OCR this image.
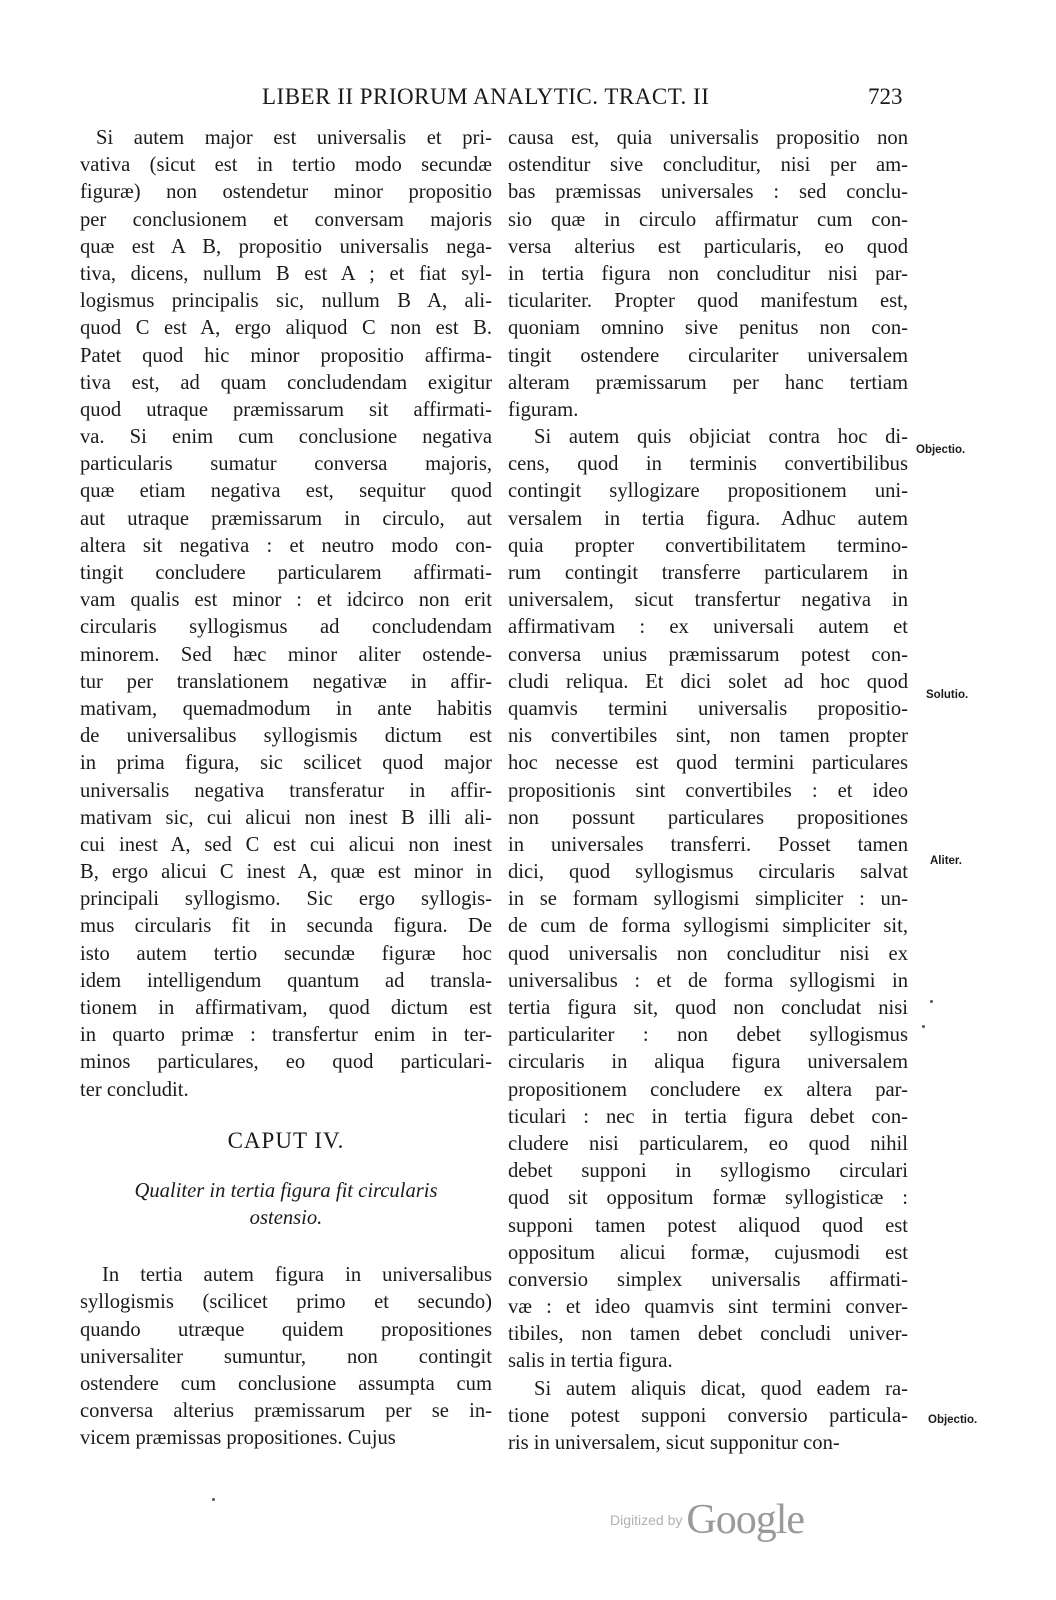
LIBER II PRIORUM ANALYTIC. TRACT. II	723
Si autem major est universalis et pri-
vativa (sicut est in tertio modo secundæ
figuræ) non ostendetur minor propositio
per conclusionem et conversam majoris
quæ est A B, propositio universalis nega-
tiva, dicens, nullum B est A ; et fiat syl-
logismus principalis sic, nullum B A, ali-
quod C est A, ergo aliquod C non est B.
Patet quod hic minor propositio affirma-
tiva est, ad quam concludendam exigitur
quod utraque præmissarum sit affirmati-
va. Si enim cum conclusione negativa
particularis sumatur conversa majoris,
quæ etiam negativa est, sequitur quod
aut utraque præmissarum in circulo, aut
altera sit negativa : et neutro modo con-
tingit concludere particularem affirmati-
vam qualis est minor : et idcirco non erit
circularis syllogismus ad concludendam
minorem. Sed hæc minor aliter ostende-
tur per translationem negativæ in affir-
mativam, quemadmodum in ante habitis
de universalibus syllogismis dictum est
in prima figura, sic scilicet quod major
universalis negativa transferatur in affir-
mativam sic, cui alicui non inest B illi ali-
cui inest A, sed C est cui alicui non inest
B, ergo alicui C inest A, quæ est minor in
principali syllogismo. Sic ergo syllogis-
mus circularis fit in secunda figura. De
isto autem tertio secundæ figuræ hoc
idem intelligendum quantum ad transla-
tionem in affirmativam, quod dictum est
in quarto primæ : transfertur enim in ter-
minos particulares, eo quod particulari-
ter concludit.
CAPUT IV.
Qualiter in tertia figura fit circularis
ostensio.
In tertia autem figura in universalibus
syllogismis (scilicet primo et secundo)
quando utræque quidem propositiones
universaliter sumuntur, non contingit
ostendere cum conclusione assumpta cum
conversa alterius præmissarum per se in-
vicem præmissas propositiones. Cujus
causa est, quia universalis propositio non
ostenditur sive concluditur, nisi per am-
bas præmissas universales : sed conclu-
sio quæ in circulo affirmatur cum con-
versa alterius est particularis, eo quod
in tertia figura non concluditur nisi par-
ticulariter. Propter quod manifestum est,
quoniam omnino sive penitus non con-
tingit ostendere circulariter universalem
alteram præmissarum per hanc tertiam
figuram.
Si autem quis objiciat contra hoc di-
cens, quod in terminis convertibilibus
contingit syllogizare propositionem uni-
versalem in tertia figura. Adhuc autem
quia propter convertibilitatem termino-
rum contingit transferre particularem in
universalem, sicut transfertur negativa in
affirmativam : ex universali autem et
conversa unius præmissarum potest con-
cludi reliqua. Et dici solet ad hoc quod
quamvis termini universalis propositio-
nis convertibiles sint, non tamen propter
hoc necesse est quod termini particulares
propositionis sint convertibiles : et ideo
non possunt particulares propositiones
in universales transferri. Posset tamen
dici, quod syllogismus circularis salvat
in se formam syllogismi simpliciter : un-
de cum de forma syllogismi simpliciter sit,
quod universalis non concluditur nisi ex
universalibus : et de forma syllogismi in
tertia figura sit, quod non concludat nisi
particulariter : non debet syllogismus
circularis in aliqua figura universalem
propositionem concludere ex altera par-
ticulari : nec in tertia figura debet con-
cludere nisi particularem, eo quod nihil
debet supponi in syllogismo circulari
quod sit oppositum formæ syllogisticæ :
supponi tamen potest aliquod quod est
oppositum alicui formæ, cujusmodi est
conversio simplex universalis affirmati-
væ : et ideo quamvis sint termini conver-
tibiles, non tamen debet concludi univer-
salis in tertia figura.
Si autem aliquis dicat, quod eadem ra-
tione potest supponi conversio particula-
ris in universalem, sicut supponitur con-
Objectio.
Solutio.
Aliter.
Objectio.
Digitized by Google
